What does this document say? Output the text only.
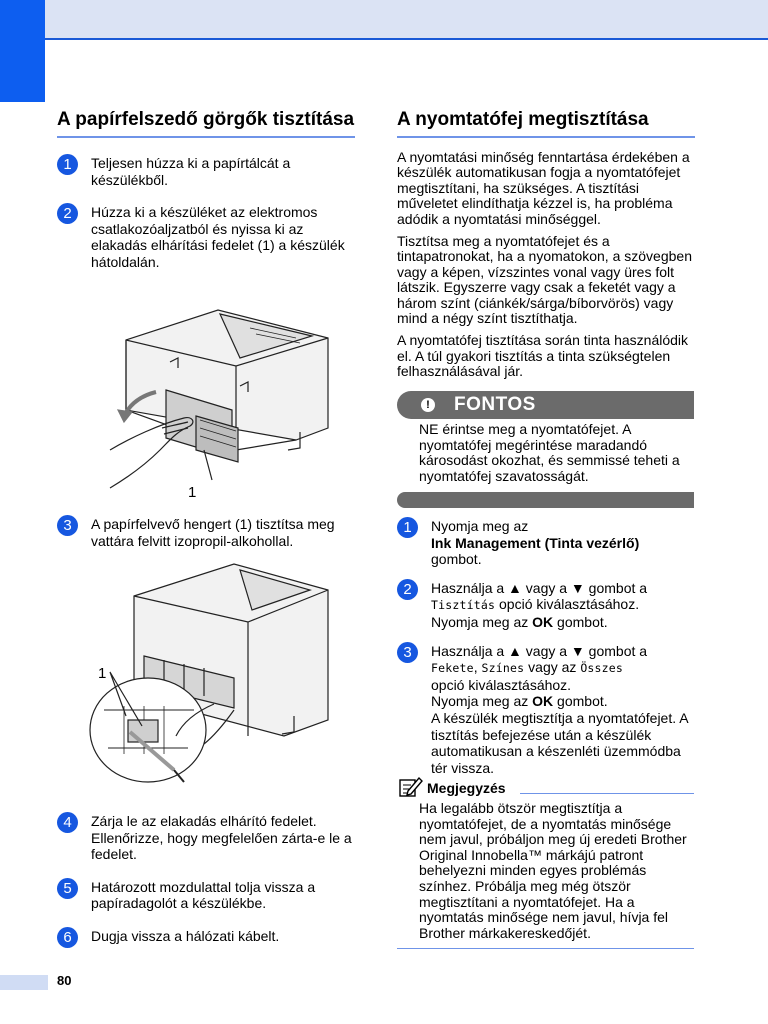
A papírfelszedő görgők tisztítása
1	Teljesen húzza ki a papírtálcát a készülékből.
2	Húzza ki a készüléket az elektromos csatlakozóaljzatból és nyissa ki az elakadás elhárítási fedelet (1) a készülék hátoldalán.
1
3	A papírfelvevő hengert (1) tisztítsa meg vattára felvitt izopropil-alkohollal.
1
4	Zárja le az elakadás elhárító fedelet. Ellenőrizze, hogy megfelelően zárta-e le a fedelet.
5	Határozott mozdulattal tolja vissza a papíradagolót a készülékbe.
6	Dugja vissza a hálózati kábelt.
A nyomtatófej megtisztítása

A nyomtatási minőség fenntartása érdekében a készülék automatikusan fogja a nyomtatófejet megtisztítani, ha szükséges. A tisztítási műveletet elindíthatja kézzel is, ha probléma adódik a nyomtatási minőséggel.

Tisztítsa meg a nyomtatófejet és a tintapatronokat, ha a nyomatokon, a szövegben vagy a képen, vízszintes vonal vagy üres folt látszik. Egyszerre vagy csak a feketét vagy a három színt (ciánkék/sárga/bíborvörös) vagy mind a négy színt tisztíthatja.

A nyomtatófej tisztítása során tinta használódik el. A túl gyakori tisztítás a tinta szükségtelen felhasználásával jár.

! FONTOS
NE érintse meg a nyomtatófejet. A nyomtatófej megérintése maradandó károsodást okozhat, és semmissé teheti a nyomtatófej szavatosságát.
1	Nyomja meg az
Ink Management (Tinta vezérlő)
gombot.
2	Használja a ▲ vagy a ▼ gombot a
Tisztítás opció kiválasztásához.
Nyomja meg az OK gombot.
3	Használja a ▲ vagy a ▼ gombot a
Fekete, Színes vagy az Összes
opció kiválasztásához.
Nyomja meg az OK gombot.
A készülék megtisztítja a nyomtatófejet. A tisztítás befejezése után a készülék automatikusan a készenléti üzemmódba tér vissza.
Megjegyzés
Ha legalább ötször megtisztítja a nyomtatófejet, de a nyomtatás minősége nem javul, próbáljon meg új eredeti Brother Original Innobella™ márkájú patront behelyezni minden egyes problémás színhez. Próbálja meg még ötször megtisztítani a nyomtatófejet. Ha a nyomtatás minősége nem javul, hívja fel Brother márkakereskedőjét.
80
